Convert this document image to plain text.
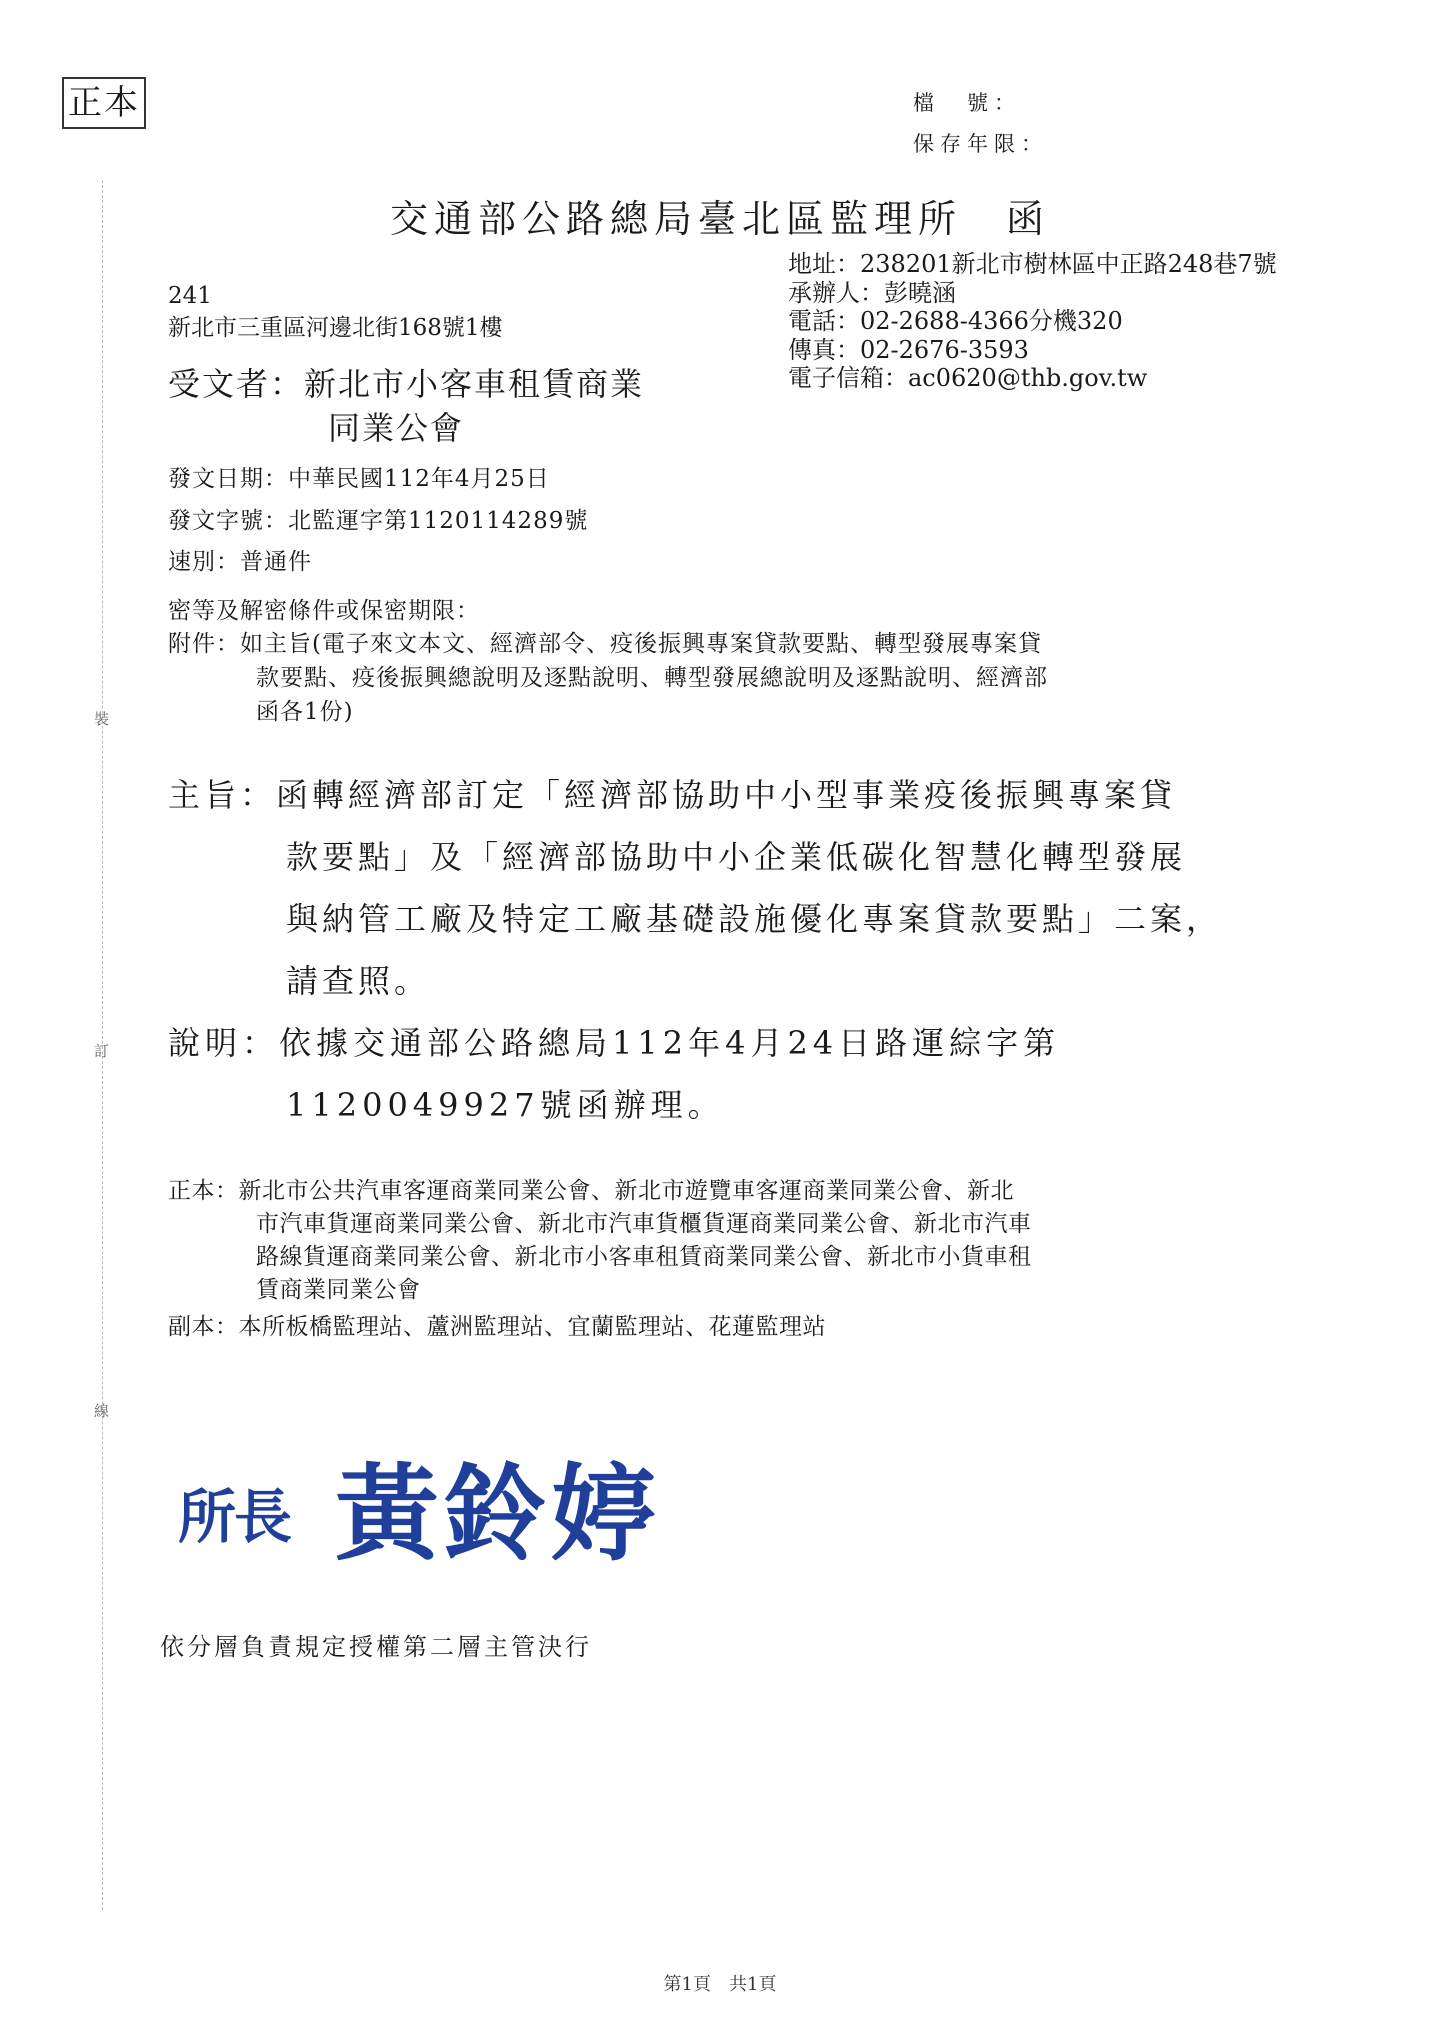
裝
訂
線
正本	檔　號：
保存年限：
交通部公路總局臺北區監理所　函
地址：238201新北市樹林區中正路248巷7號
承辦人：彭曉涵
電話：02-2688-4366分機320
傳真：02-2676-3593
電子信箱：ac0620@thb.gov.tw
241
新北市三重區河邊北街168號1樓
受文者：新北市小客車租賃商業
同業公會
發文日期：中華民國112年4月25日
發文字號：北監運字第1120114289號
速別：普通件
密等及解密條件或保密期限：
附件：如主旨(電子來文本文、經濟部令、疫後振興專案貸款要點、轉型發展專案貸
款要點、疫後振興總說明及逐點說明、轉型發展總說明及逐點說明、經濟部
函各1份)
主旨：函轉經濟部訂定「經濟部協助中小型事業疫後振興專案貸
款要點」及「經濟部協助中小企業低碳化智慧化轉型發展
與納管工廠及特定工廠基礎設施優化專案貸款要點」二案，
請查照。
說明：依據交通部公路總局112年4月24日路運綜字第
1120049927號函辦理。
正本：新北市公共汽車客運商業同業公會、新北市遊覽車客運商業同業公會、新北
市汽車貨運商業同業公會、新北市汽車貨櫃貨運商業同業公會、新北市汽車
路線貨運商業同業公會、新北市小客車租賃商業同業公會、新北市小貨車租
賃商業同業公會
副本：本所板橋監理站、蘆洲監理站、宜蘭監理站、花蓮監理站
所長 黃鈴婷
依分層負責規定授權第二層主管決行
第1頁　共1頁
